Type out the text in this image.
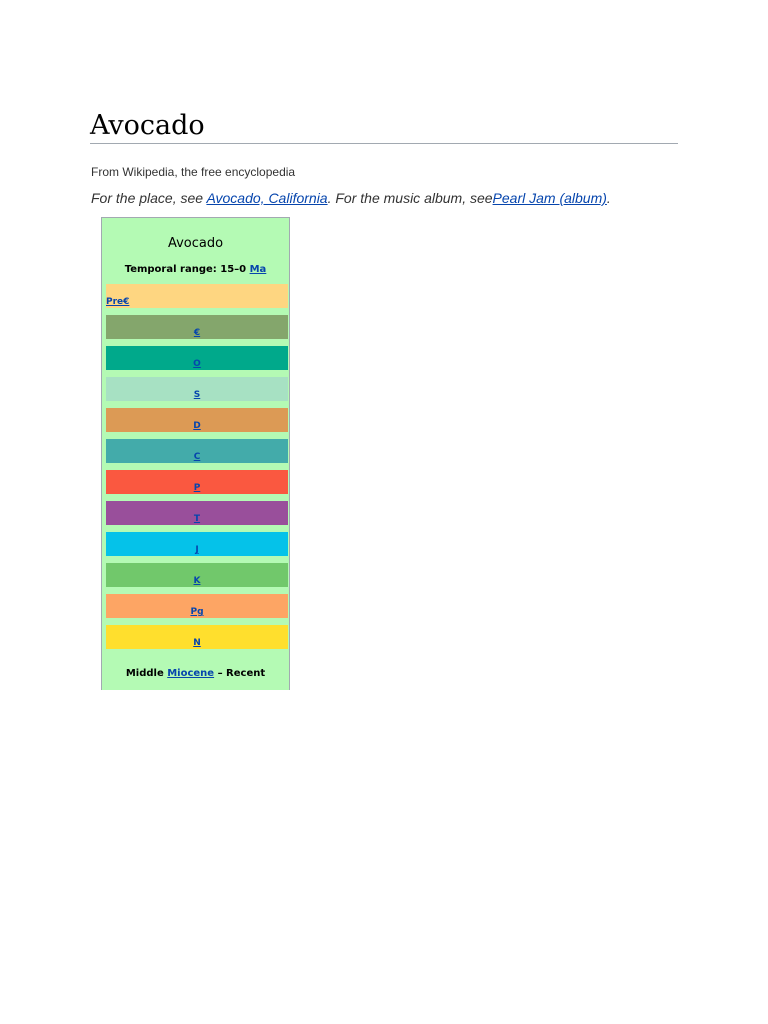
Avocado
From Wikipedia, the free encyclopedia
For the place, see Avocado, California. For the music album, seePearl Jam (album).
Avocado
Temporal range: 15–0 Ma
Pre€
€
O
S
D
C
P
T
J
K
Pg
N
Middle Miocene – Recent
